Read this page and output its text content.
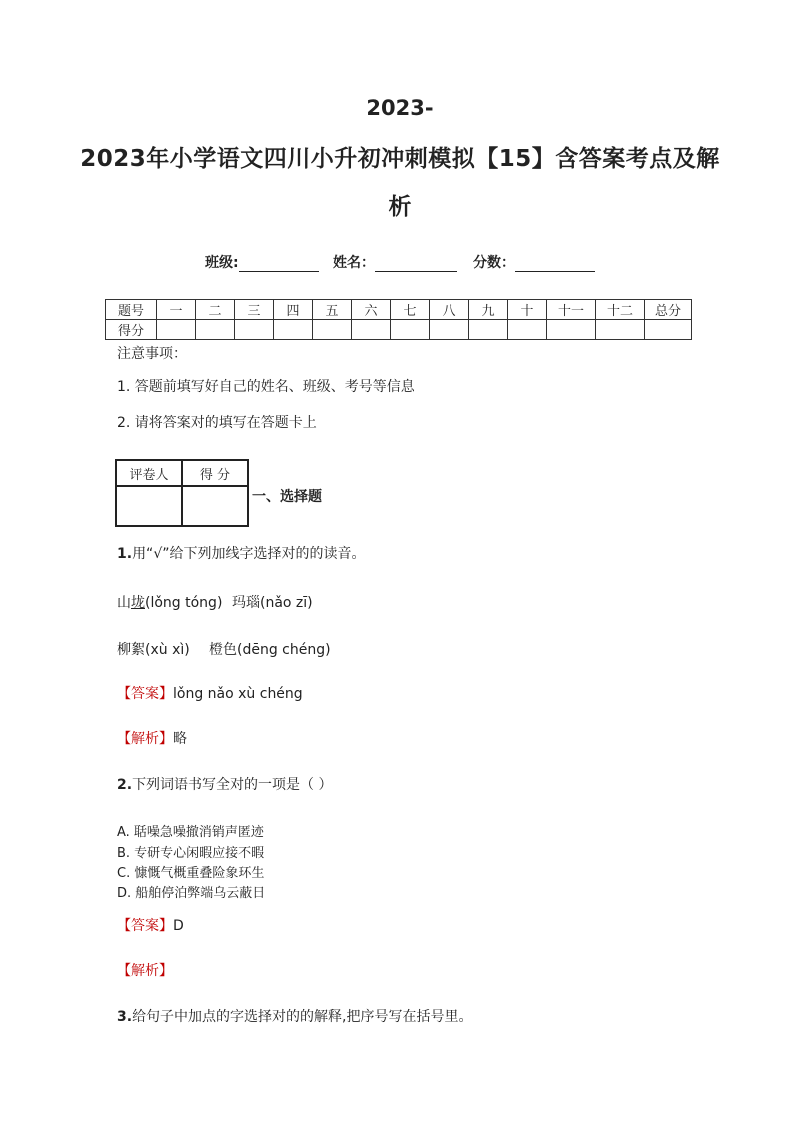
2023-
2023年小学语文四川小升初冲刺模拟【15】含答案考点及解
析
班级:	姓名：	分数：
题号	一	二	三	四	五	六	七	八	九	十	十一	十二	总分
得分													
注意事项：
1. 答题前填写好自己的姓名、班级、考号等信息
2. 请将答案对的填写在答题卡上
评卷人	得 分

一、选择题
1.用“√”给下列加线字选择对的的读音。
山垅(lǒng tóng) 玛瑙(nǎo zī)
柳絮(xù xì) 橙色(dēng chéng)
【答案】lǒng nǎo xù chéng
【解析】略
2.下列词语书写全对的一项是（ ）
A. 聒噪急噪撤消销声匿迹
B. 专研专心闲暇应接不暇
C. 慷慨气概重叠险象环生
D. 船舶停泊弊端乌云蔽日
【答案】D
【解析】
3.给句子中加点的字选择对的的解释,把序号写在括号里。
